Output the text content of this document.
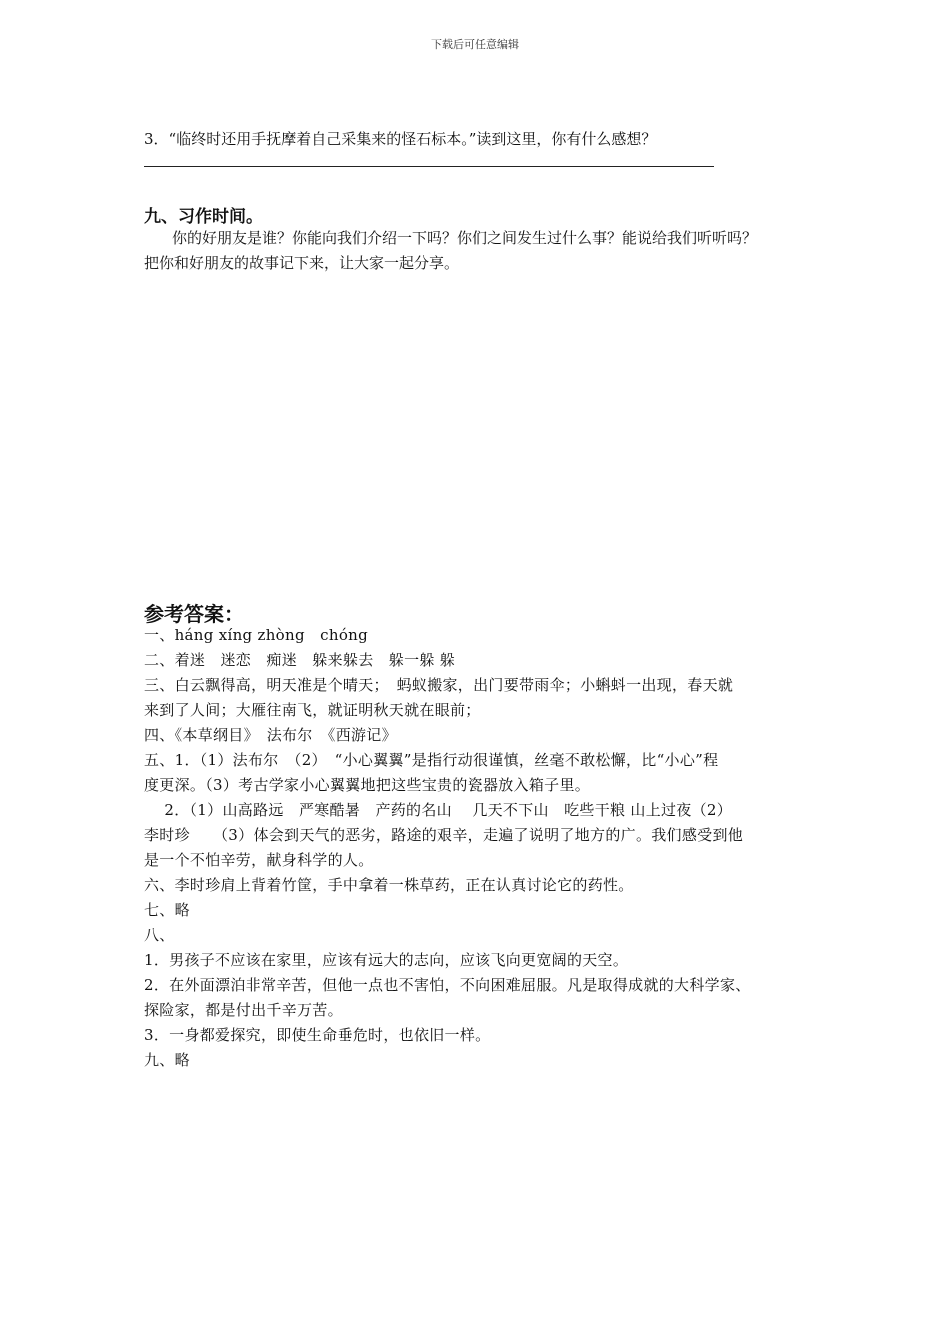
下载后可任意编辑
3．“临终时还用手抚摩着自己采集来的怪石标本。”读到这里，你有什么感想？
九、习作时间。
你的好朋友是谁？你能向我们介绍一下吗？你们之间发生过什么事？能说给我们听听吗？
把你和好朋友的故事记下来，让大家一起分享。
参考答案：
一、háng xíng zhòng　chóng
二、着迷　迷恋　痴迷　躲来躲去　躲一躲 躲
三、白云飘得高，明天准是个晴天；　蚂蚁搬家，出门要带雨伞；小蝌蚪一出现，春天就
来到了人间；大雁往南飞，就证明秋天就在眼前；
四、《本草纲目》　法布尔　《西游记》
五、1．（1）法布尔　（2）　“小心翼翼”是指行动很谨慎，丝毫不敢松懈，比“小心”程
度更深。（3）考古学家小心翼翼地把这些宝贵的瓷器放入箱子里。
　 2．（1）山高路远　严寒酷暑　产药的名山　 几天不下山　吃些干粮 山上过夜（2）
李时珍　　（3）体会到天气的恶劣，路途的艰辛，走遍了说明了地方的广。我们感受到他
是一个不怕辛劳，献身科学的人。
六、李时珍肩上背着竹筐，手中拿着一株草药，正在认真讨论它的药性。
七、略
八、
1．男孩子不应该在家里，应该有远大的志向，应该飞向更宽阔的天空。
2．在外面漂泊非常辛苦，但他一点也不害怕，不向困难屈服。凡是取得成就的大科学家、
探险家，都是付出千辛万苦。
3．一身都爱探究，即使生命垂危时，也依旧一样。
九、略
